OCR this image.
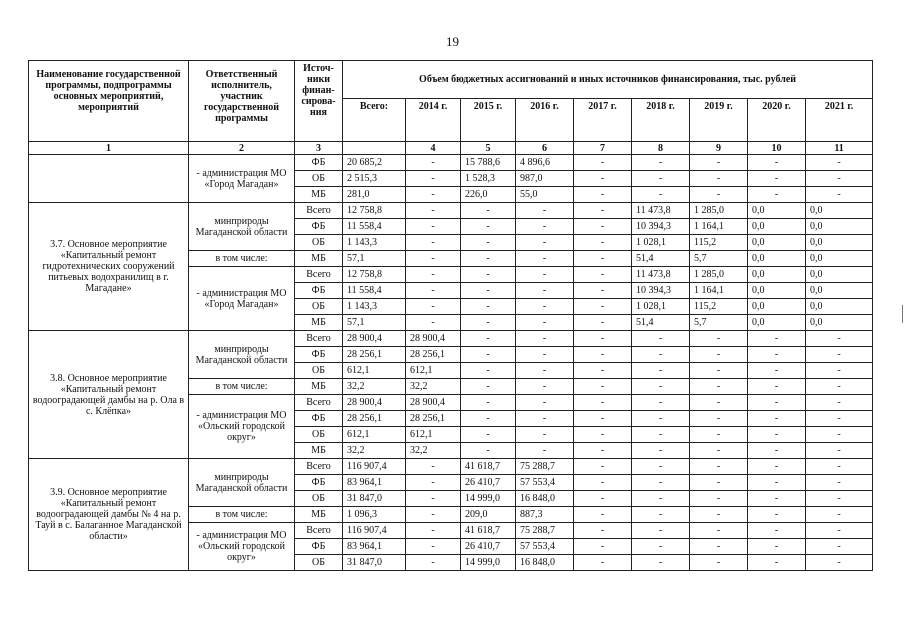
19
Наименование государственной программы, подпрограммы основных мероприятий, мероприятий	Ответственный исполнитель, участник государственной программы	Источ-ники финан-сирова-ния	Объем бюджетных ассигнований и иных источников финансирования, тыс. рублей								
			Всего:	2014 г.	2015 г.	2016 г.	2017 г.	2018 г.	2019 г.	2020 г.	2021 г.
1	2	3		4	5	6	7	8	9	10	11
	- администрация МО «Город Магадан»	ФБ	20 685,2	-	15 788,6	4 896,6	-	-	-	-	-
		ОБ	2 515,3	-	1 528,3	987,0	-	-	-	-	-
		МБ	281,0	-	226,0	55,0	-	-	-	-	-
3.7. Основное мероприятие «Капитальный ремонт гидротехнических сооружений питьевых водохранилищ в г. Магадане»	минприроды Магаданской области	Всего	12 758,8	-	-	-	-	11 473,8	1 285,0	0,0	0,0
		ФБ	11 558,4	-	-	-	-	10 394,3	1 164,1	0,0	0,0
		ОБ	1 143,3	-	-	-	-	1 028,1	115,2	0,0	0,0
	в том числе:	МБ	57,1	-	-	-	-	51,4	5,7	0,0	0,0
	- администрация МО «Город Магадан»	Всего	12 758,8	-	-	-	-	11 473,8	1 285,0	0,0	0,0
		ФБ	11 558,4	-	-	-	-	10 394,3	1 164,1	0,0	0,0
		ОБ	1 143,3	-	-	-	-	1 028,1	115,2	0,0	0,0
		МБ	57,1	-	-	-	-	51,4	5,7	0,0	0,0
3.8. Основное мероприятие «Капитальный ремонт водооградающей дамбы на р. Ола в с. Клёпка»	минприроды Магаданской области	Всего	28 900,4	28 900,4	-	-	-	-	-	-	-
		ФБ	28 256,1	28 256,1	-	-	-	-	-	-	-
		ОБ	612,1	612,1	-	-	-	-	-	-	-
	в том числе:	МБ	32,2	32,2	-	-	-	-	-	-	-
	- администрация МО «Ольский городской округ»	Всего	28 900,4	28 900,4	-	-	-	-	-	-	-
		ФБ	28 256,1	28 256,1	-	-	-	-	-	-	-
		ОБ	612,1	612,1	-	-	-	-	-	-	-
		МБ	32,2	32,2	-	-	-	-	-	-	-
3.9. Основное мероприятие «Капитальный ремонт водооградающей дамбы № 4 на р. Тауй в с. Балаганное Магаданской области»	минприроды Магаданской области	Всего	116 907,4	-	41 618,7	75 288,7	-	-	-	-	-
		ФБ	83 964,1	-	26 410,7	57 553,4	-	-	-	-	-
		ОБ	31 847,0	-	14 999,0	16 848,0	-	-	-	-	-
	в том числе:	МБ	1 096,3	-	209,0	887,3	-	-	-	-	-
	- администрация МО «Ольский городской округ»	Всего	116 907,4	-	41 618,7	75 288,7	-	-	-	-	-
		ФБ	83 964,1	-	26 410,7	57 553,4	-	-	-	-	-
		ОБ	31 847,0	-	14 999,0	16 848,0	-	-	-	-	-
